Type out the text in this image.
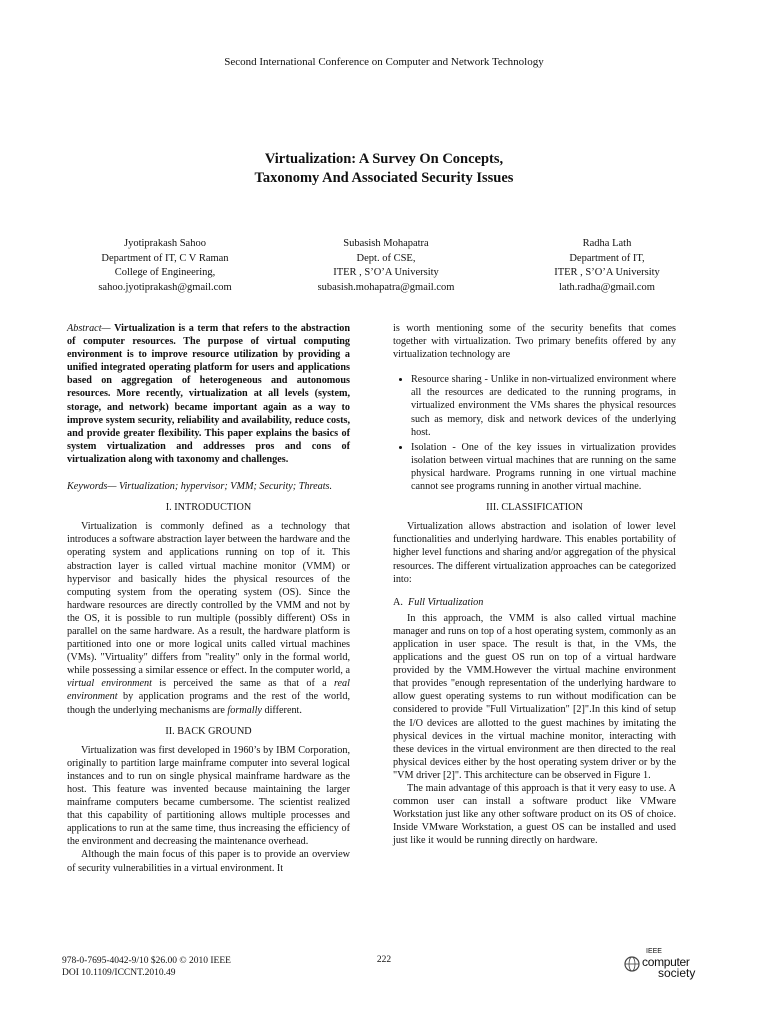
Second International Conference on Computer and Network Technology
Virtualization: A Survey On Concepts,
Taxonomy And Associated Security Issues
Jyotiprakash Sahoo
Department of IT, C V Raman
College of Engineering,
sahoo.jyotiprakash@gmail.com
Subasish Mohapatra
Dept. of CSE,
ITER , S’O’A University
subasish.mohapatra@gmail.com
Radha Lath
Department of IT,
ITER , S’O’A University
lath.radha@gmail.com

Abstract— Virtualization is a term that refers to the abstraction of computer resources. The purpose of virtual computing environment is to improve resource utilization by providing a unified integrated operating platform for users and applications based on aggregation of heterogeneous and autonomous resources. More recently, virtualization at all levels (system, storage, and network) became important again as a way to improve system security, reliability and availability, reduce costs, and provide greater flexibility. This paper explains the basics of system virtualization and addresses pros and cons of virtualization along with taxonomy and challenges.

Keywords— Virtualization; hypervisor; VMM; Security; Threats.

I. INTRODUCTION

Virtualization is commonly defined as a technology that introduces a software abstraction layer between the hardware and the operating system and applications running on top of it. This abstraction layer is called virtual machine monitor (VMM) or hypervisor and basically hides the physical resources of the computing system from the operating system (OS). Since the hardware resources are directly controlled by the VMM and not by the OS, it is possible to run multiple (possibly different) OSs in parallel on the same hardware. As a result, the hardware platform is partitioned into one or more logical units called virtual machines (VMs). "Virtuality" differs from "reality" only in the formal world, while possessing a similar essence or effect. In the computer world, a virtual environment is perceived the same as that of a real environment by application programs and the rest of the world, though the underlying mechanisms are formally different.

II. BACK GROUND

Virtualization was first developed in 1960’s by IBM Corporation, originally to partition large mainframe computer into several logical instances and to run on single physical mainframe hardware as the host. This feature was invented because maintaining the larger mainframe computers became cumbersome. The scientist realized that this capability of partitioning allows multiple processes and applications to run at the same time, thus increasing the efficiency of the environment and decreasing the maintenance overhead.

Although the main focus of this paper is to provide an overview of security vulnerabilities in a virtual environment. It

is worth mentioning some of the security benefits that comes together with virtualization. Two primary benefits offered by any virtualization technology are

• Resource sharing - Unlike in non-virtualized environment where all the resources are dedicated to the running programs, in virtualized environment the VMs shares the physical resources such as memory, disk and network devices of the underlying host.
• Isolation - One of the key issues in virtualization provides isolation between virtual machines that are running on the same physical hardware. Programs running in one virtual machine cannot see programs running in another virtual machine.
III. CLASSIFICATION

Virtualization allows abstraction and isolation of lower level functionalities and underlying hardware. This enables portability of higher level functions and sharing and/or aggregation of the physical resources. The different virtualization approaches can be categorized into:

A. Full Virtualization

In this approach, the VMM is also called virtual machine manager and runs on top of a host operating system, commonly as an application in user space. The result is that, in the VMs, the applications and the guest OS run on top of a virtual hardware provided by the VMM.However the virtual machine environment that provides "enough representation of the underlying hardware to allow guest operating systems to run without modification can be considered to provide "Full Virtualization" [2]".In this kind of setup the I/O devices are allotted to the guest machines by imitating the physical devices in the virtual machine monitor, interacting with these devices in the virtual environment are then directed to the real physical devices either by the host operating system driver or by the "VM driver [2]". This architecture can be observed in Figure 1.

The main advantage of this approach is that it very easy to use. A common user can install a software product like VMware Workstation just like any other software product on its OS of choice. Inside VMware Workstation, a guest OS can be installed and used just like it would be running directly on hardware.

978-0-7695-4042-9/10 $26.00 © 2010 IEEE
DOI 10.1109/ICCNT.2010.49
222
IEEE
computer
society
